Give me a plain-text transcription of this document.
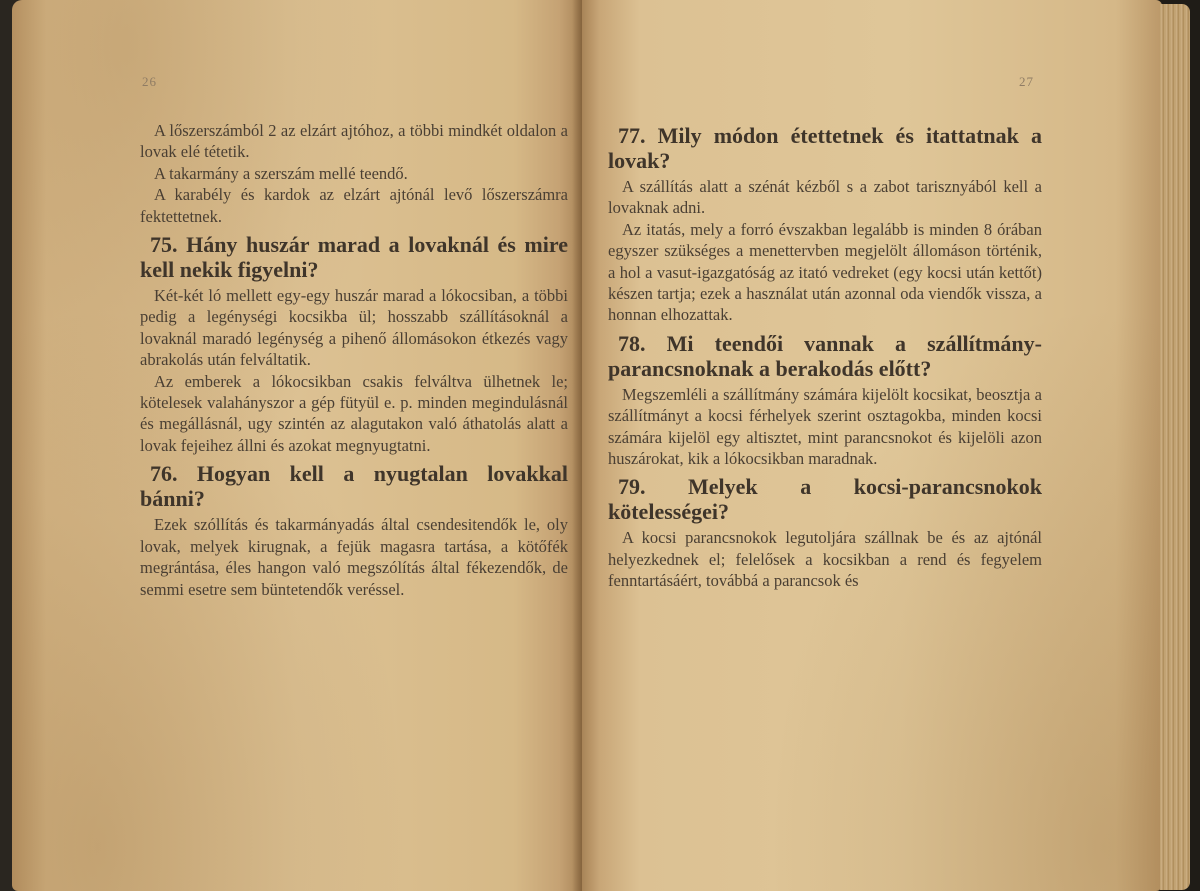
26

A lőszerszámból 2 az elzárt ajtóhoz, a többi mindkét oldalon a lovak elé tétetik.

A takarmány a szerszám mellé teendő.

A karabély és kardok az elzárt ajtónál levő lőszerszámra fektettetnek.

75. Hány huszár marad a lovaknál és mire kell nekik figyelni?

Két-két ló mellett egy-egy huszár marad a lókocsiban, a többi pedig a legénységi kocsikba ül; hosszabb szállításoknál a lovaknál maradó legénység a pihenő állomásokon étkezés vagy abrakolás után felváltatik.

Az emberek a lókocsikban csakis felváltva ülhetnek le; kötelesek valahányszor a gép fütyül e. p. minden megindulásnál és megállásnál, ugy szintén az alagutakon való áthatolás alatt a lovak fejeihez állni és azokat megnyugtatni.

76. Hogyan kell a nyugtalan lovakkal bánni?

Ezek szóllítás és takarmányadás által csendesitendők le, oly lovak, melyek kirugnak, a fejük magasra tartása, a kötőfék megrántása, éles hangon való megszólítás által fékezendők, de semmi esetre sem büntetendők veréssel.

27
77. Mily módon étettetnek és itattatnak a lovak?

A szállítás alatt a szénát kézből s a zabot tarisznyából kell a lovaknak adni.

Az itatás, mely a forró évszakban legalább is minden 8 órában egyszer szükséges a menettervben megjelölt állomáson történik, a hol a vasut-igazgatóság az itató vedreket (egy kocsi után kettőt) készen tartja; ezek a használat után azonnal oda viendők vissza, a honnan elhozattak.

78. Mi teendői vannak a szállítmány-parancsnoknak a berakodás előtt?

Megszemléli a szállítmány számára kijelölt kocsikat, beosztja a szállítmányt a kocsi férhelyek szerint osztagokba, minden kocsi számára kijelöl egy altisztet, mint parancsnokot és kijelöli azon huszárokat, kik a lókocsikban maradnak.

79. Melyek a kocsi-parancsnokok kötelességei?

A kocsi parancsnokok legutoljára szállnak be és az ajtónál helyezkednek el; felelősek a kocsikban a rend és fegyelem fenntartásáért, továbbá a parancsok és
